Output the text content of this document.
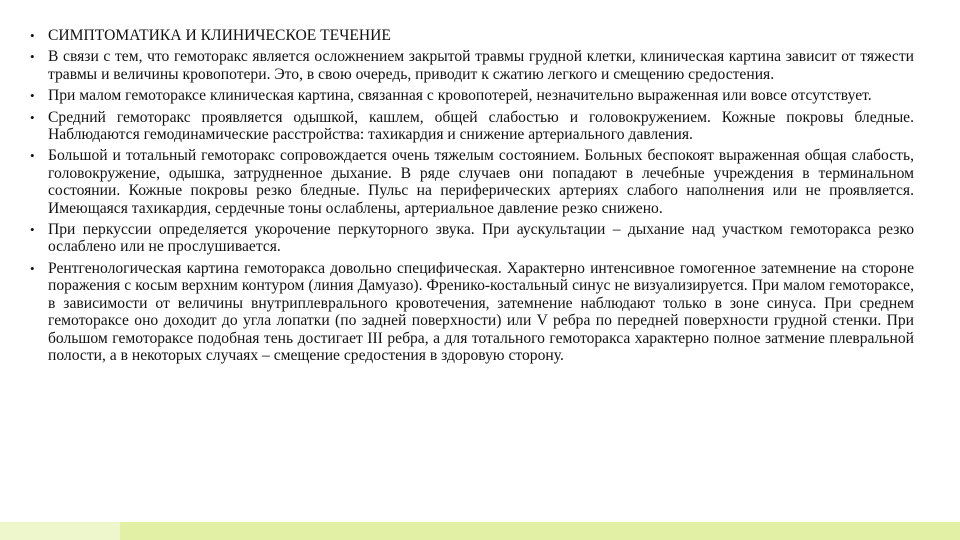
• СИМПТОМАТИКА И КЛИНИЧЕСКОЕ ТЕЧЕНИЕ
• В связи с тем, что гемоторакс является осложнением закрытой травмы грудной клетки, клиническая картина зависит от тяжести травмы и величины кровопотери. Это, в свою очередь, приводит к сжатию легкого и смещению средостения.
• При малом гемотораксе клиническая картина, связанная с кровопотерей, незначительно выраженная или вовсе отсутствует.
• Средний гемоторакс проявляется одышкой, кашлем, общей слабостью и головокружением. Кожные покровы бледные. Наблюдаются гемодинамические расстройства: тахикардия и снижение артериального давления.
• Большой и тотальный гемоторакс сопровождается очень тяжелым состоянием. Больных беспокоят выраженная общая слабость, головокружение, одышка, затрудненное дыхание. В ряде случаев они попадают в лечебные учреждения в терминальном состоянии. Кожные покровы резко бледные. Пульс на периферических артериях слабого наполнения или не проявляется. Имеющаяся тахикардия, сердечные тоны ослаблены, артериальное давление резко снижено.
• При перкуссии определяется укорочение перкуторного звука. При аускультации – дыхание над участком гемоторакса резко ослаблено или не прослушивается.
• Рентгенологическая картина гемоторакса довольно специфическая. Характерно интенсивное гомогенное затемнение на стороне поражения с косым верхним контуром (линия Дамуазо). Френико-костальный синус не визуализируется. При малом гемотораксе, в зависимости от величины внутриплеврального кровотечения, затемнение наблюдают только в зоне синуса. При среднем гемотораксе оно доходит до угла лопатки (по задней поверхности) или V ребра по передней поверхности грудной стенки. При большом гемотораксе подобная тень достигает III ребра, а для тотального гемоторакса характерно полное затмение плевральной полости, а в некоторых случаях – смещение средостения в здоровую сторону.
